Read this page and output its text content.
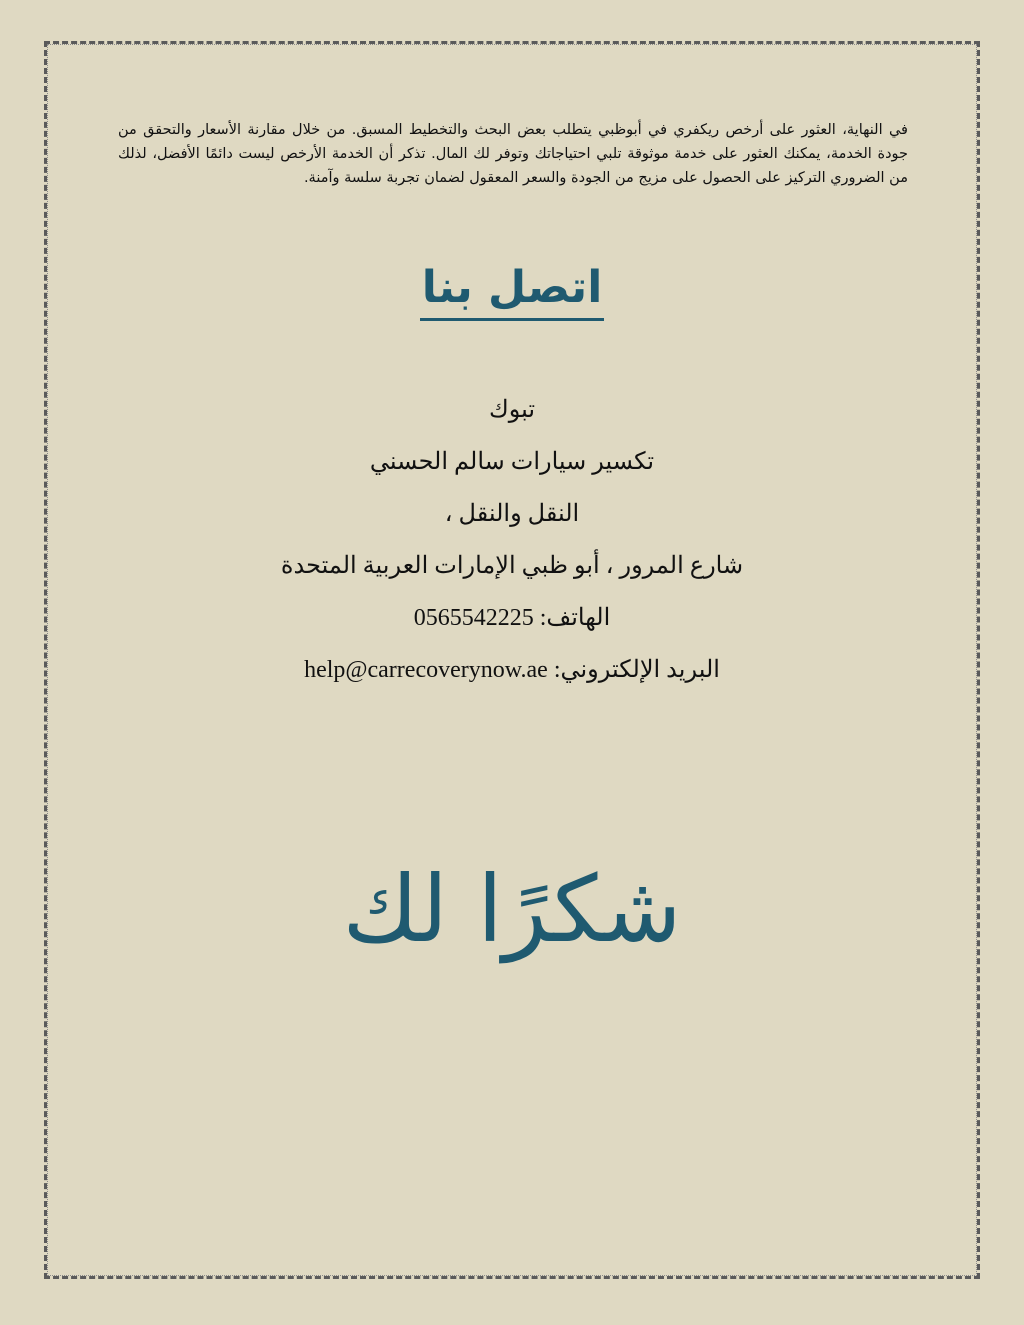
في النهاية، العثور على أرخص ريكفري في أبوظبي يتطلب بعض البحث والتخطيط المسبق. من خلال مقارنة الأسعار والتحقق من جودة الخدمة، يمكنك العثور على خدمة موثوقة تلبي احتياجاتك وتوفر لك المال. تذكر أن الخدمة الأرخص ليست دائمًا الأفضل، لذلك من الضروري التركيز على الحصول على مزيج من الجودة والسعر المعقول لضمان تجربة سلسة وآمنة.

اتصل بنا
تبوك
تكسير سيارات سالم الحسني
النقل والنقل ،
شارع المرور ، أبو ظبي الإمارات العربية المتحدة
الهاتف: 0565542225
البريد الإلكتروني: help@carrecoverynow.ae
شكرًا لك
